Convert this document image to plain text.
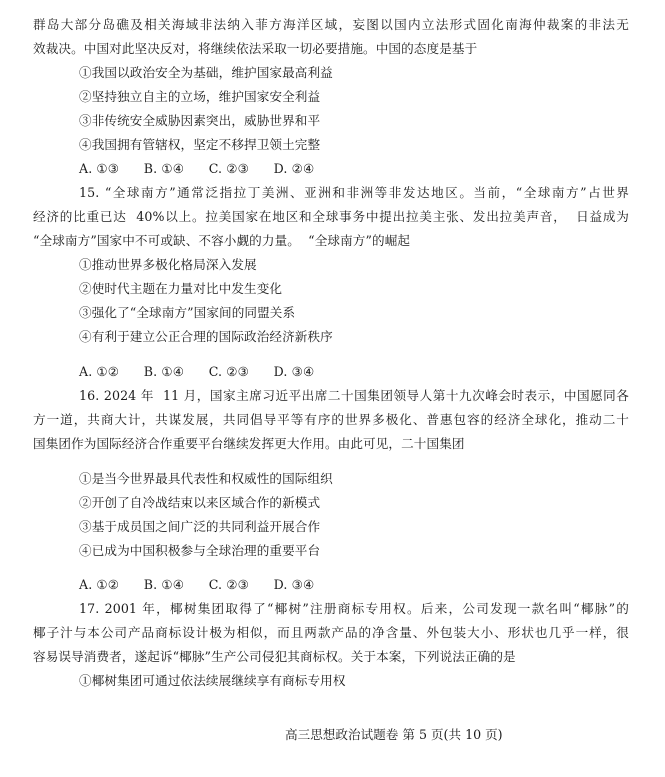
群岛大部分岛礁及相关海域非法纳入菲方海洋区域，妄图以国内立法形式固化南海仲裁案的非法无
效裁决。中国对此坚决反对，将继续依法采取一切必要措施。中国的态度是基于
①我国以政治安全为基础，维护国家最高利益
②坚持独立自主的立场，维护国家安全利益
③非传统安全威胁因素突出，威胁世界和平
④我国拥有管辖权，坚定不移捍卫领土完整
A. ①③      B. ①④      C. ②③      D. ②④
15. “全球南方”通常泛指拉丁美洲、亚洲和非洲等非发达地区。当前，“全球南方”占世界
经济的比重已达  40%以上。拉美国家在地区和全球事务中提出拉美主张、发出拉美声音，  日益成为
“全球南方”国家中不可或缺、不容小觑的力量。  “全球南方”的崛起
①推动世界多极化格局深入发展
②使时代主题在力量对比中发生变化
③强化了“全球南方”国家间的同盟关系
④有利于建立公正合理的国际政治经济新秩序
A. ①②      B. ①④      C. ②③      D. ③④
16. 2024 年  11 月，国家主席习近平出席二十国集团领导人第十九次峰会时表示，中国愿同各
方一道，共商大计，共谋发展，共同倡导平等有序的世界多极化、普惠包容的经济全球化，推动二十
国集团作为国际经济合作重要平台继续发挥更大作用。由此可见，二十国集团
①是当今世界最具代表性和权威性的国际组织
②开创了自冷战结束以来区域合作的新模式
③基于成员国之间广泛的共同利益开展合作
④已成为中国积极参与全球治理的重要平台
A. ①②      B. ①④      C. ②③      D. ③④
17. 2001 年，椰树集团取得了“椰树”注册商标专用权。后来，公司发现一款名叫“椰脉”的
椰子汁与本公司产品商标设计极为相似，而且两款产品的净含量、外包装大小、形状也几乎一样，很
容易误导消费者，遂起诉“椰脉”生产公司侵犯其商标权。关于本案，下列说法正确的是
①椰树集团可通过依法续展继续享有商标专用权
高三思想政治试题卷 第 5 页(共 10 页)
